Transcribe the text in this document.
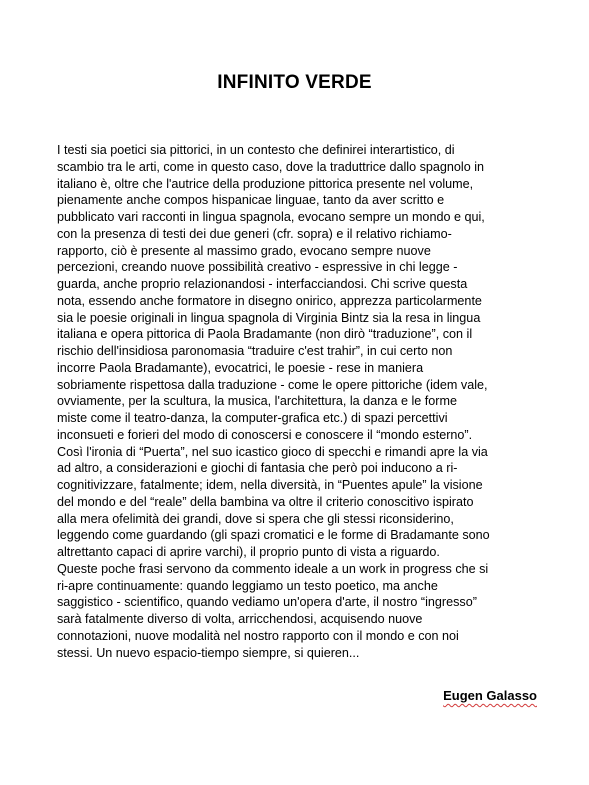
INFINITO VERDE
I testi sia poetici sia pittorici, in un contesto che definirei interartistico, di
scambio tra le arti, come in questo caso, dove la traduttrice dallo spagnolo in
italiano è, oltre che l'autrice della produzione pittorica presente nel volume,
pienamente anche compos hispanicae linguae, tanto da aver scritto e
pubblicato vari racconti in lingua spagnola, evocano sempre un mondo e qui,
con la presenza di testi dei due generi (cfr. sopra) e il relativo richiamo-
rapporto, ciò è presente al massimo grado, evocano sempre nuove
percezioni, creando nuove possibilità creativo - espressive in chi legge -
guarda, anche proprio relazionandosi - interfacciandosi. Chi scrive questa
nota, essendo anche formatore in disegno onirico, apprezza particolarmente
sia le poesie originali in lingua spagnola di Virginia Bintz sia la resa in lingua
italiana e opera pittorica di Paola Bradamante (non dirò “traduzione”, con il
rischio dell'insidiosa paronomasia “traduire c'est trahir”, in cui certo non
incorre Paola Bradamante), evocatrici, le poesie - rese in maniera
sobriamente rispettosa dalla traduzione - come le opere pittoriche (idem vale,
ovviamente, per la scultura, la musica, l'architettura, la danza e le forme
miste come il teatro-danza, la computer-grafica etc.) di spazi percettivi
inconsueti e forieri del modo di conoscersi e conoscere il “mondo esterno”.
Così l'ironia di “Puerta”, nel suo icastico gioco di specchi e rimandi apre la via
ad altro, a considerazioni e giochi di fantasia che però poi inducono a ri-
cognitivizzare, fatalmente; idem, nella diversità, in “Puentes apule” la visione
del mondo e del “reale” della bambina va oltre il criterio conoscitivo ispirato
alla mera ofelimità dei grandi, dove si spera che gli stessi riconsiderino,
leggendo come guardando (gli spazi cromatici e le forme di Bradamante sono
altrettanto capaci di aprire varchi), il proprio punto di vista a riguardo.
Queste poche frasi servono da commento ideale a un work in progress che si
ri-apre continuamente: quando leggiamo un testo poetico, ma anche
saggistico - scientifico, quando vediamo un'opera d'arte, il nostro “ingresso”
sarà fatalmente diverso di volta, arricchendosi, acquisendo nuove
connotazioni, nuove modalità nel nostro rapporto con il mondo e con noi
stessi. Un nuevo espacio-tiempo siempre, si quieren...
Eugen Galasso
